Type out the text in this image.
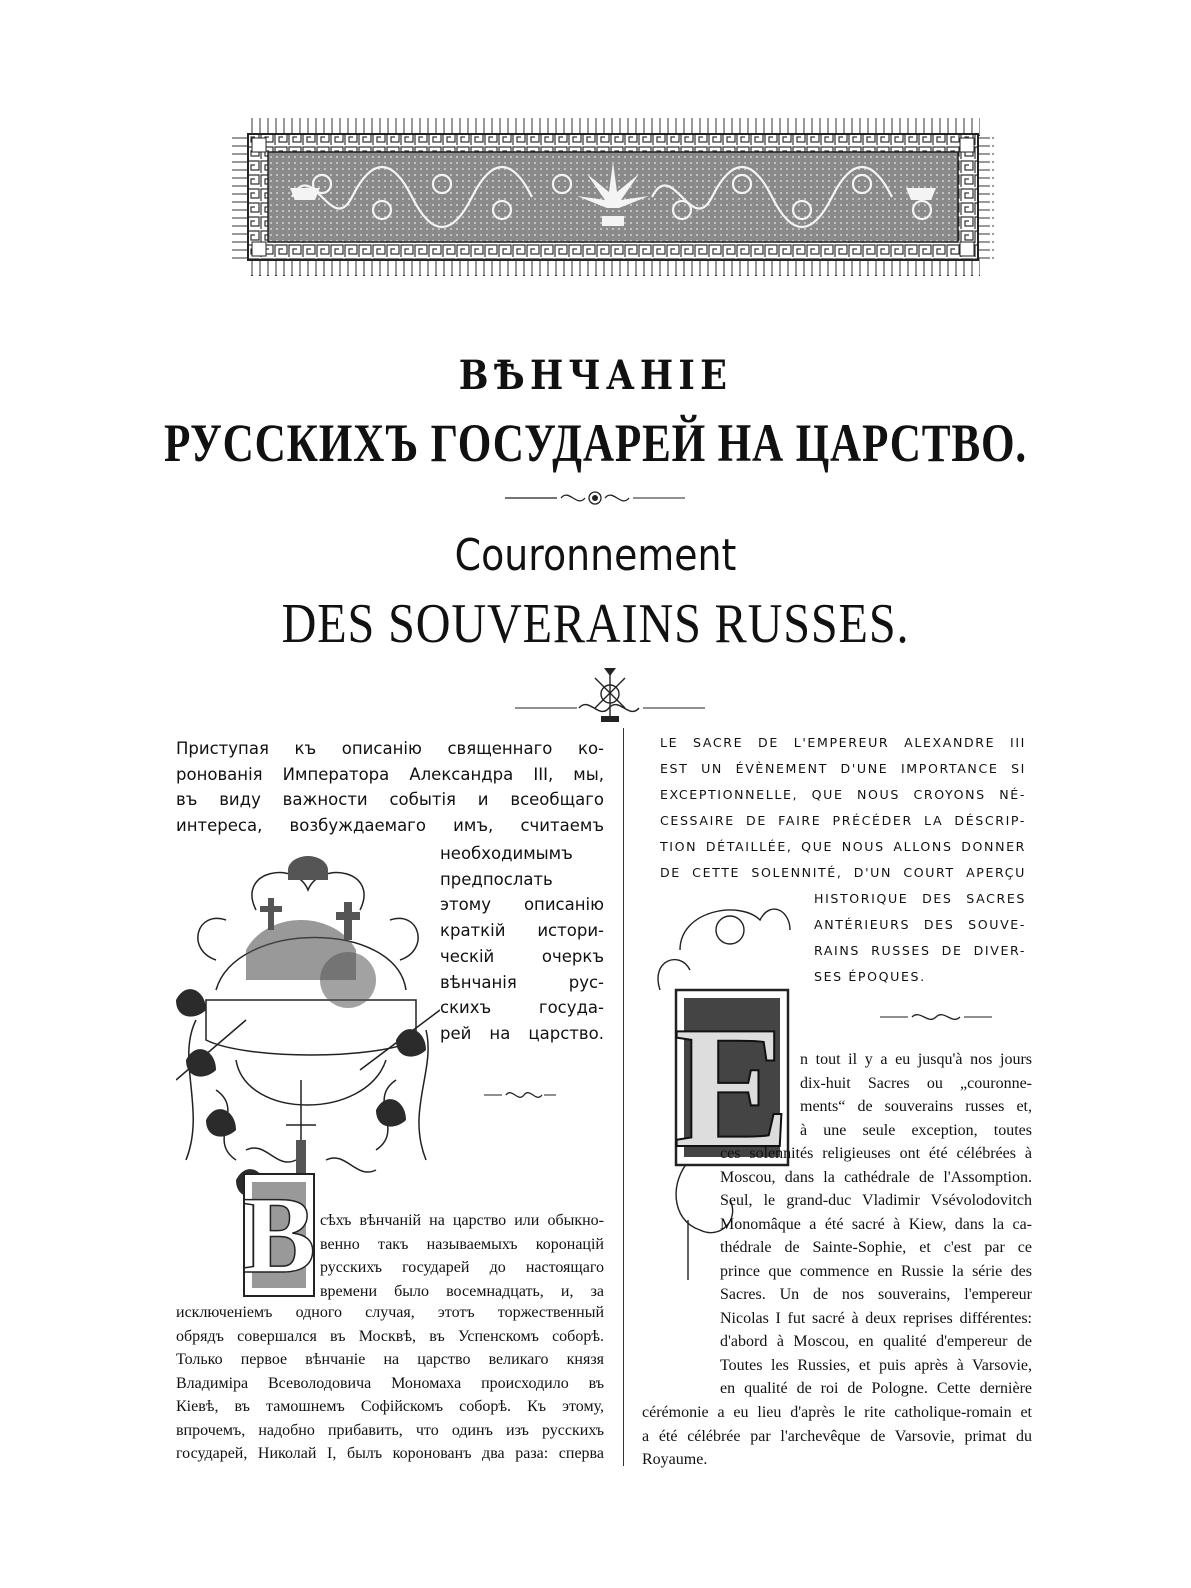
ВѢНЧАНІЕ
РУССКИХЪ ГОСУДАРЕЙ НА ЦАРСТВО.
Couronnement
DES SOUVERAINS RUSSES.
Приступая къ описанію священнаго ко-
ронованія Императора Александра III, мы,
въ виду важности событія и всеобщаго
интереса, возбуждаемаго имъ, считаемъ
необходимымъ
предпослать
этому описанію
краткій истори-
ческій очеркъ
вѣнчанія рус-
скихъ госуда-
рей на царство.
В сѣхъ вѣнчаній на царство или обыкно-
венно такъ называемыхъ коронацій
русскихъ государей до настоящаго
времени было восемнадцать, и, за
исключеніемъ одного случая, этотъ торжественный
обрядъ совершался въ Москвѣ, въ Успенскомъ соборѣ.
Только первое вѣнчаніе на царство великаго князя
Владиміра Всеволодовича Мономаха происходило въ
Кіевѣ, въ тамошнемъ Софійскомъ соборѣ. Къ этому,
впрочемъ, надобно прибавить, что одинъ изъ русскихъ
государей, Николай I, былъ коронованъ два раза: сперва
LE SACRE DE L'EMPEREUR ALEXANDRE III
EST UN ÉVÈNEMENT D'UNE IMPORTANCE SI
EXCEPTIONNELLE, QUE NOUS CROYONS NÉ-
CESSAIRE DE FAIRE PRÉCÉDER LA DÉSCRIP-
TION DÉTAILLÉE, QUE NOUS ALLONS DONNER
DE CETTE SOLENNITÉ, D'UN COURT APERÇU
HISTORIQUE DES SACRES
ANTÉRIEURS DES SOUVE-
RAINS RUSSES DE DIVER-
SES ÉPOQUES.
E n tout il y a eu jusqu'à nos jours
dix-huit Sacres ou „couronne-
ments“ de souverains russes et,
à une seule exception, toutes
ces solennités religieuses ont été célébrées à
Moscou, dans la cathédrale de l'Assomption.
Seul, le grand-duc Vladimir Vsévolodovitch
Monomâque a été sacré à Kiew, dans la ca-
thédrale de Sainte-Sophie, et c'est par ce
prince que commence en Russie la série des
Sacres. Un de nos souverains, l'empereur
Nicolas I fut sacré à deux reprises différentes:
d'abord à Moscou, en qualité d'empereur de
Toutes les Russies, et puis après à Varsovie,
en qualité de roi de Pologne. Cette dernière
cérémonie a eu lieu d'après le rite catholique-romain et
a été célébrée par l'archevêque de Varsovie, primat du
Royaume.
